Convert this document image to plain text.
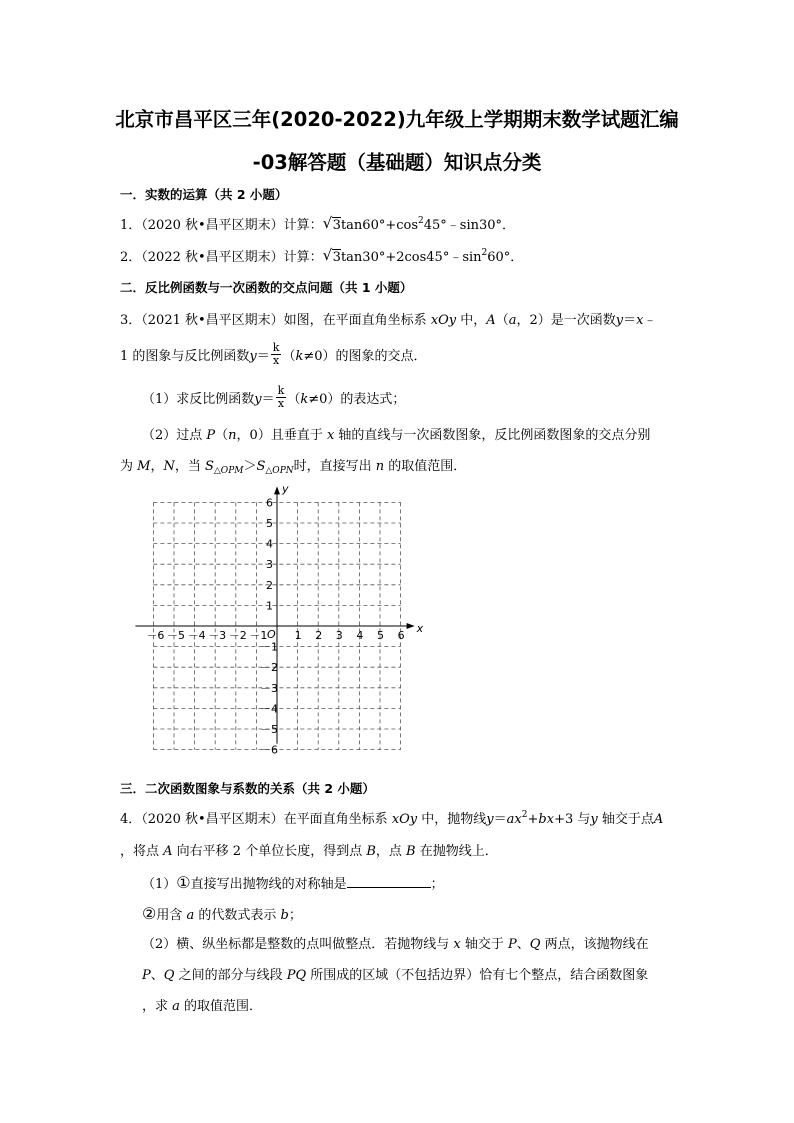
北京市昌平区三年(2020-2022)九年级上学期期末数学试题汇编
-03解答题（基础题）知识点分类
一．实数的运算（共 2 小题）
1．（2020 秋•昌平区期末）计算： √ $3\tan 60^\circ+\cos^245^\circ﹣\sin 30^\circ$．
2．（2022 秋•昌平区期末）计算： √ $3\tan 30^\circ+2\cos 45^\circ﹣\sin^260^\circ$．
二．反比例函数与一次函数的交点问题（共 1 小题）
3．（2021 秋•昌平区期末）如图，在平面直角坐标系 xOy 中，A（a，2）是一次函数y＝x﹣
1 的图象与反比例函数$y= \frac{k}{x} (k\ne 0)$的图象的交点．
（1）求反比例函数$y= \frac{k}{x} (k\ne 0)$的表达式；
（2）过点 P（n，0）且垂直于 x 轴的直线与一次函数图象，反比例函数图象的交点分别
为 M，N，当 $S_{\triangle OPM}>S_{\triangle OPN}$时，直接写出 n 的取值范围．
－6 －5 －4 －3 －2 －1 1 2 3 4 5 6
6
5
4
3
2
1
－1
－2
－3
－4
－5
－6
x
y
O
三．二次函数图象与系数的关系（共 2 小题）
4．（2020 秋•昌平区期末）在平面直角坐标系 xOy 中，抛物线$y=ax^2+bx+3$ 与y 轴交于点A
，将点 A 向右平移 2 个单位长度，得到点 B，点 B 在抛物线上．
（1）①直接写出抛物线的对称轴是	；
②用含 a 的代数式表示 b；
（2）横、纵坐标都是整数的点叫做整点．若抛物线与 x 轴交于 P、Q 两点，该抛物线在
P、Q 之间的部分与线段 PQ 所围成的区域（不包括边界）恰有七个整点，结合函数图象
，求 a 的取值范围．
